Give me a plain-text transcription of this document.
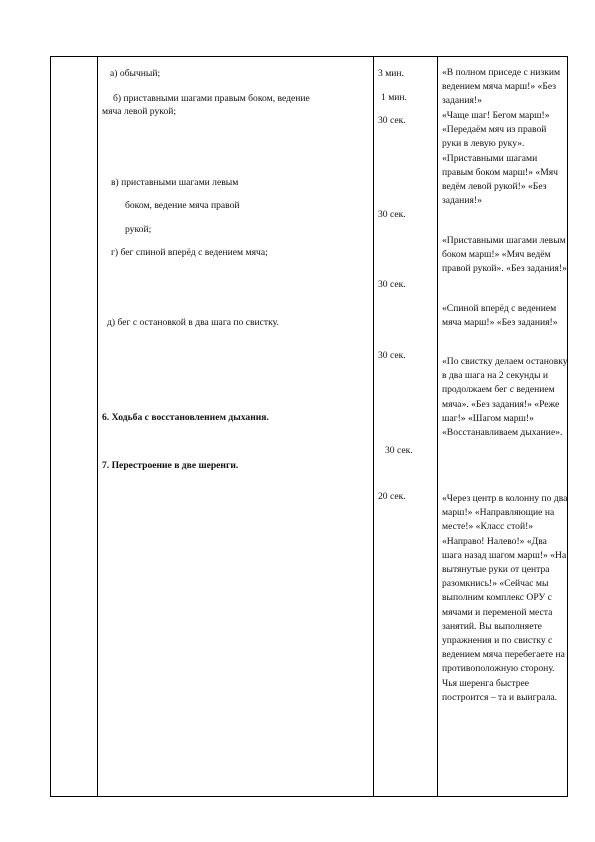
а) обычный;
б) приставными шагами правым боком, ведение
мяча левой рукой;
в) приставными шагами левым
боком, ведение мяча правой
рукой;
г) бег спиной вперёд с ведением мяча;
д) бег с остановкой в два шага по свистку.
6. Ходьба с восстановлением дыхания.
7. Перестроение в две шеренги.
3 мин.
1 мин.
30 сек.
30 сек.
30 сек.
30 сек.
30 сек.
20 сек.
«В полном приседе с низким ведением мяча марш!» «Без задания!»
«Чаще шаг! Бегом марш!» «Передаём мяч из правой руки в левую руку». «Приставными шагами правым боком марш!» «Мяч ведём левой рукой!» «Без задания!»
«Приставными шагами левым боком марш!» «Мяч ведём правой рукой». «Без задания!»
«Спиной вперёд с ведением мяча марш!» «Без задания!»
«По свистку делаем остановку в два шага на 2 секунды и продолжаем бег с ведением мяча». «Без задания!» «Реже шаг!» «Шагом марш!» «Восстанавливаем дыхание».
«Через центр в колонну по два марш!» «Направляющие на месте!» «Класс стой!» «Направо! Налево!» «Два шага назад шагом марш!» «На вытянутые руки от центра разомкнись!» «Сейчас мы выполним комплекс ОРУ с мячами и переменой места занятий. Вы выполняете упражнения и по свистку с ведением мяча перебегаете на противоположную сторону. Чья шеренга быстрее построится – та и выиграла.
